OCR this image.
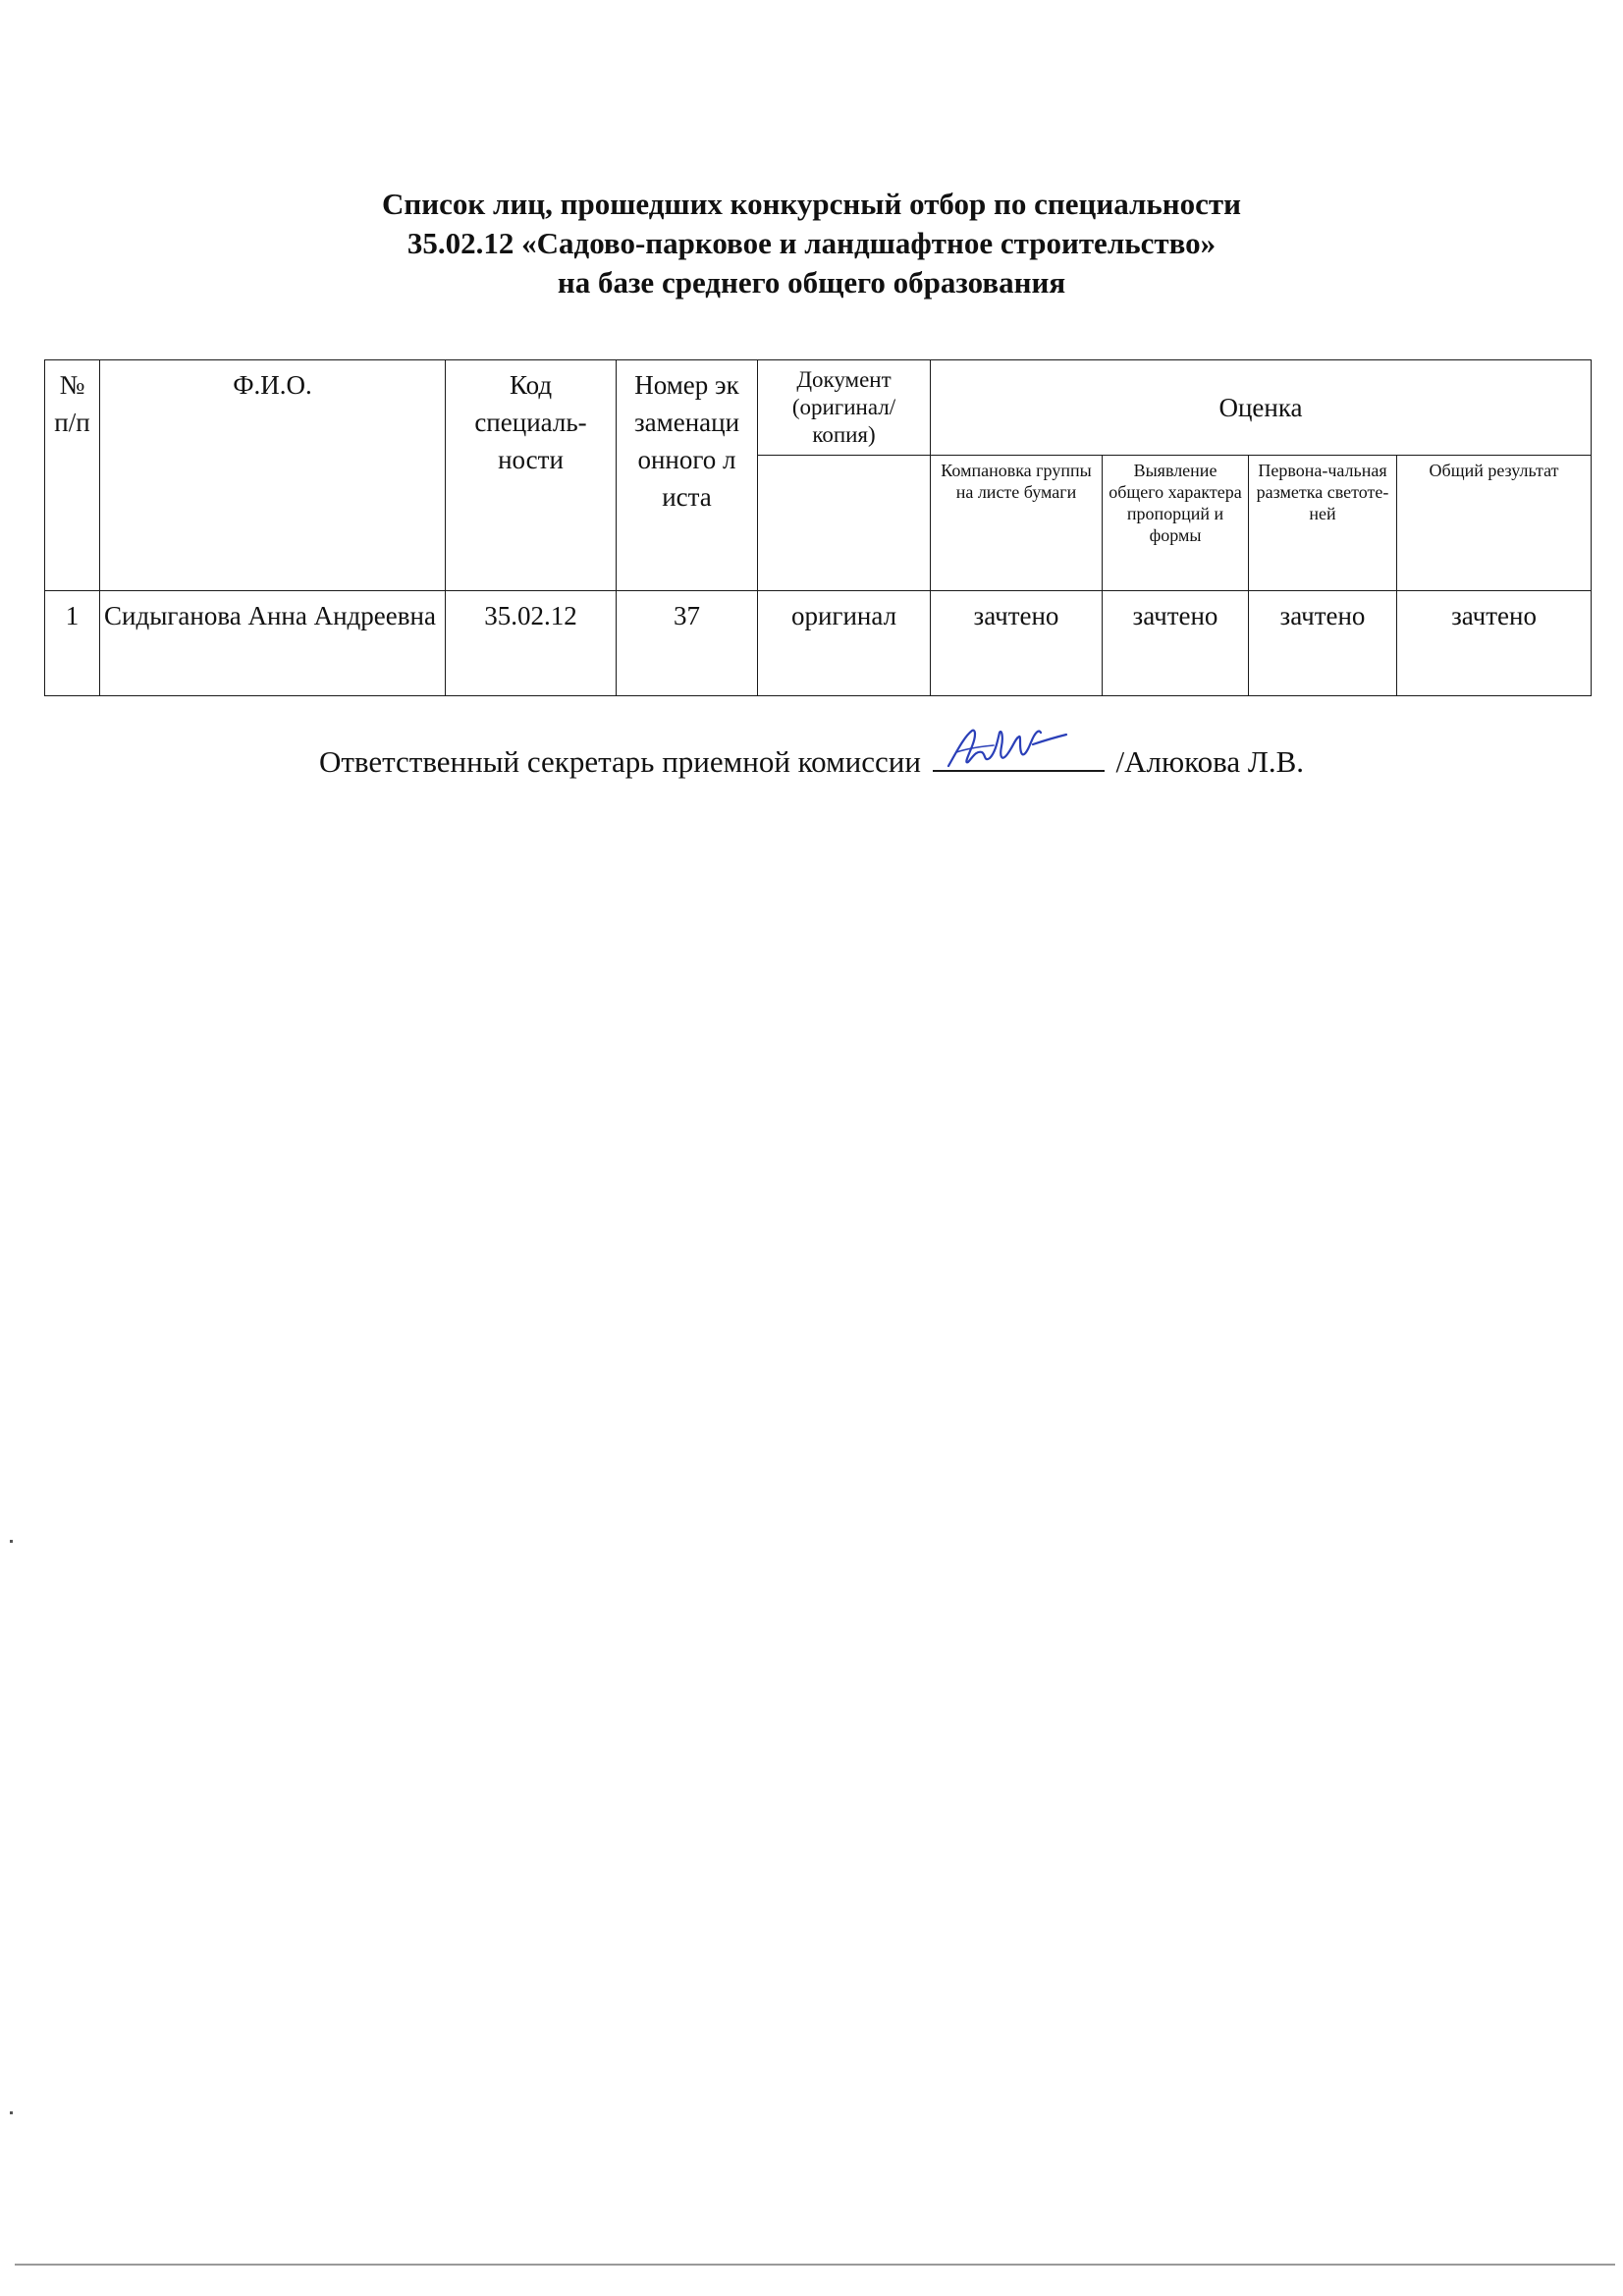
Список лиц, прошедших конкурсный отбор по специальности
35.02.12 «Садово-парковое и ландшафтное строительство»
на базе среднего общего образования
№ п/п	Ф.И.О.	Код специаль-ности	Номер экзаменационного листа	Документ (оригинал/ копия)	Оценка			
					Компановка группы на листе бумаги	Выявление общего характера пропорций и формы	Первона-чальная разметка светоте-ней	Общий результат
1	Сидыганова Анна Андреевна	35.02.12	37	оригинал	зачтено	зачтено	зачтено	зачтено
Ответственный секретарь приемной комиссии	/Алюкова Л.В.
